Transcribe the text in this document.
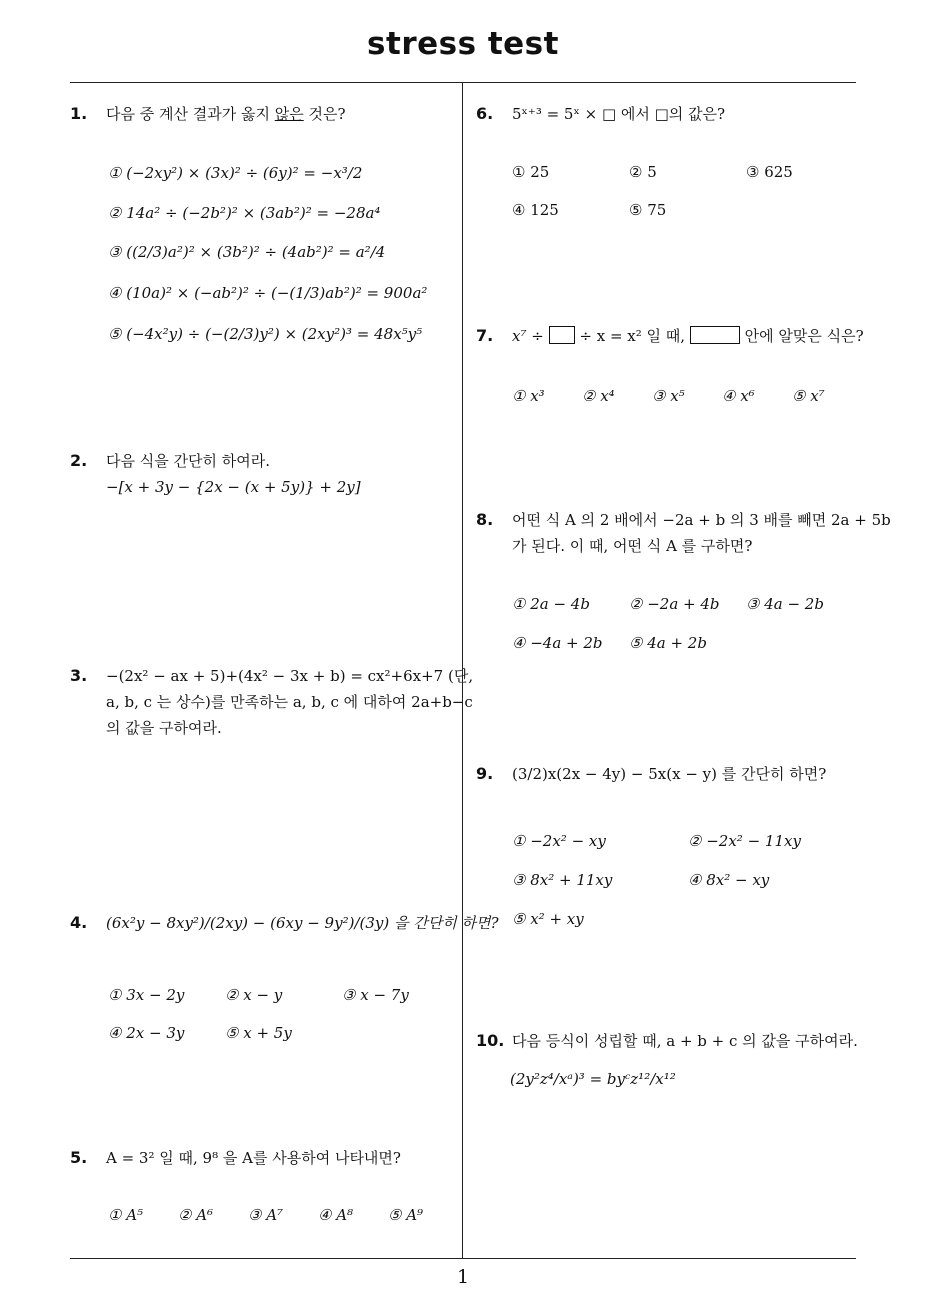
stress test
1
1. 다음 중 계산 결과가 옳지 않은 것은?
① (−2xy²) × (3x)² ÷ (6y)² = −x³/2
② 14a² ÷ (−2b²)² × (3ab²)² = −28a⁴
③ ((2/3)a²)² × (3b²)² ÷ (4ab²)² = a²/4
④ (10a)² × (−ab²)² ÷ (−(1/3)ab²)² = 900a²
⑤ (−4x²y) ÷ (−(2/3)y²) × (2xy²)³ = 48x⁵y⁵
2. 다음 식을 간단히 하여라.
−[x + 3y − {2x − (x + 5y)} + 2y]
3. −(2x² − ax + 5)+(4x² − 3x + b) = cx²+6x+7 (단,
a, b, c 는 상수)를 만족하는 a, b, c 에 대하여 2a+b−c
의 값을 구하여라.
4. (6x²y − 8xy²)/(2xy) − (6xy − 9y²)/(3y) 을 간단히 하면?
① 3x − 2y	② x − y	③ x − 7y
④ 2x − 3y	⑤ x + 5y
5. A = 3² 일 때, 9⁸ 을 A를 사용하여 나타내면?
① A⁵ ② A⁶ ③ A⁷ ④ A⁸ ⑤ A⁹
6. 5ˣ⁺³ = 5ˣ × □ 에서 □의 값은?
① 25	② 5	③ 625
④ 125	⑤ 75
7. x⁷ ÷ ÷ x = x² 일 때,	안에 알맞은 식은?
① x³ ② x⁴ ③ x⁵ ④ x⁶ ⑤ x⁷
8. 어떤 식 A 의 2 배에서 −2a + b 의 3 배를 빼면 2a + 5b
가 된다. 이 때, 어떤 식 A 를 구하면?
① 2a − 4b	② −2a + 4b ③ 4a − 2b
④ −4a + 2b ⑤ 4a + 2b
9. (3/2)x(2x − 4y) − 5x(x − y) 를 간단히 하면?
① −2x² − xy	② −2x² − 11xy
③ 8x² + 11xy	④ 8x² − xy
⑤ x² + xy
10. 다음 등식이 성립할 때, a + b + c 의 값을 구하여라.
(2y²z⁴/xᵃ)³ = byᶜz¹²/x¹²
